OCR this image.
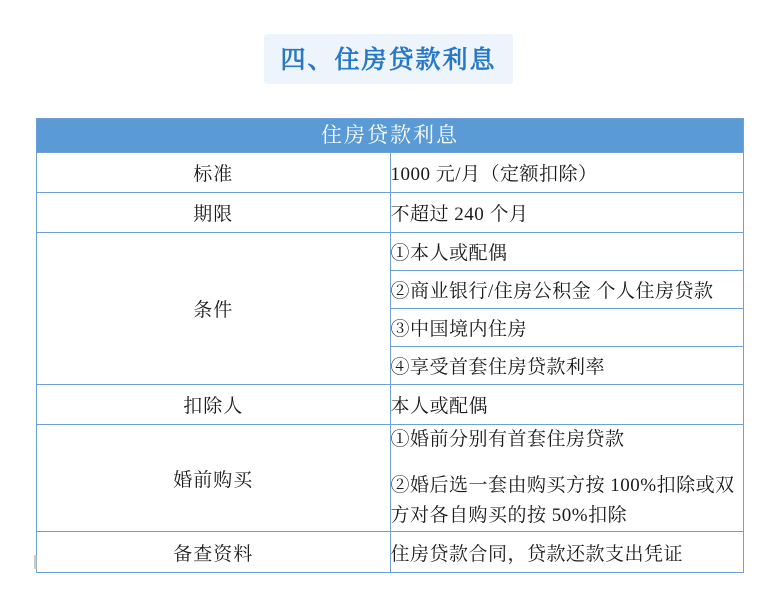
四、住房贷款利息
住房贷款利息	
标准	1000 元/月（定额扣除）
期限	不超过 240 个月
条件	①本人或配偶
	②商业银行/住房公积金 个人住房贷款
	③中国境内住房
	④享受首套住房贷款利率
扣除人	本人或配偶
婚前购买	①婚前分别有首套住房贷款
②婚后选一套由购买方按 100%扣除或双方对各自购买的按 50%扣除

备查资料	住房贷款合同，贷款还款支出凭证
